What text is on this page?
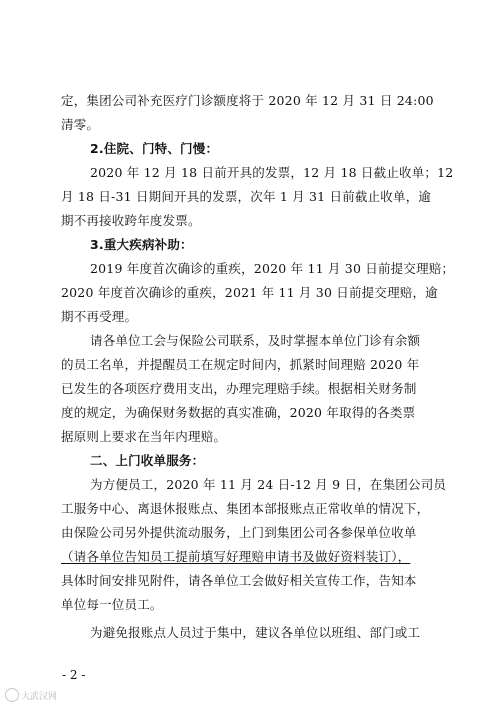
定，集团公司补充医疗门诊额度将于 2020 年 12 月 31 日 24:00
清零。
2.住院、门特、门慢：
2020 年 12 月 18 日前开具的发票，12 月 18 日截止收单；12
月 18 日-31 日期间开具的发票，次年 1 月 31 日前截止收单，逾
期不再接收跨年度发票。
3.重大疾病补助：
2019 年度首次确诊的重疾，2020 年 11 月 30 日前提交理赔；
2020 年度首次确诊的重疾，2021 年 11 月 30 日前提交理赔，逾
期不再受理。
请各单位工会与保险公司联系，及时掌握本单位门诊有余额
的员工名单，并提醒员工在规定时间内，抓紧时间理赔 2020 年
已发生的各项医疗费用支出，办理完理赔手续。根据相关财务制
度的规定，为确保财务数据的真实准确，2020 年取得的各类票
据原则上要求在当年内理赔。
二、上门收单服务：
为方便员工，2020 年 11 月 24 日-12 月 9 日，在集团公司员
工服务中心、离退休报账点、集团本部报账点正常收单的情况下，
由保险公司另外提供流动服务，上门到集团公司各参保单位收单
（请各单位告知员工提前填写好理赔申请书及做好资料装订），
具体时间安排见附件，请各单位工会做好相关宣传工作，告知本
单位每一位员工。
为避免报账点人员过于集中，建议各单位以班组、部门或工
- 2 -
大武汉网
